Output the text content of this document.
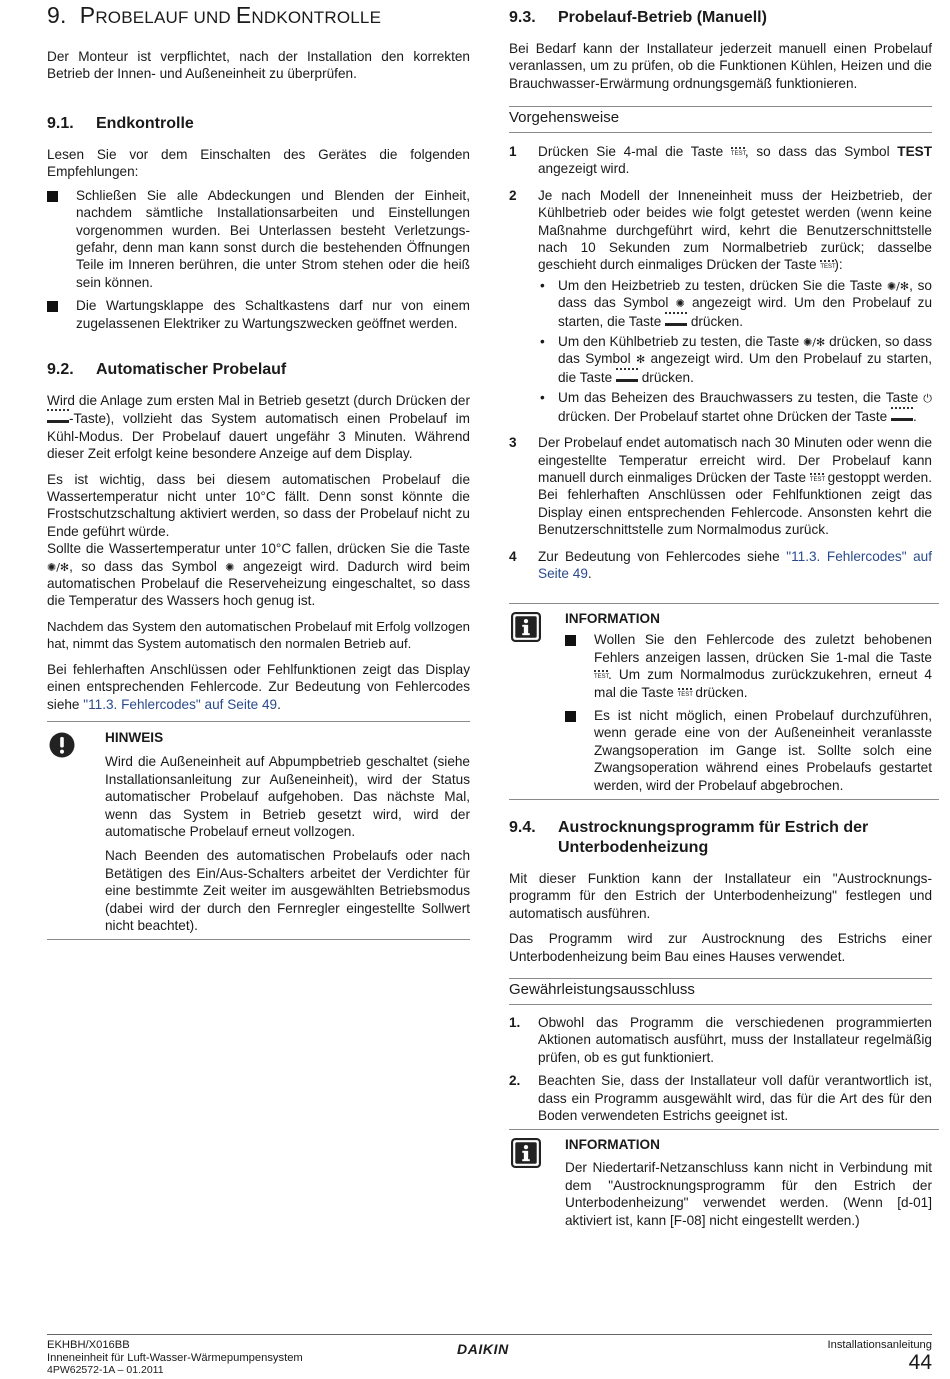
9. PROBELAUF UND ENDKONTROLLE

Der Monteur ist verpflichtet, nach der Installation den korrekten Betrieb der Innen- und Außeneinheit zu überprüfen.

9.1.	Endkontrolle

Lesen Sie vor dem Einschalten des Gerätes die folgenden Empfehlungen:

Schließen Sie alle Abdeckungen und Blenden der Einheit, nachdem sämtliche Installationsarbeiten und Einstellungen vorgenommen wurden. Bei Unterlassen besteht Verletzungs-gefahr, denn man kann sonst durch die bestehenden Öffnungen Teile im Inneren berühren, die unter Strom stehen oder die heiß sein können.
Die Wartungsklappe des Schaltkastens darf nur von einem zugelassenen Elektriker zu Wartungszwecken geöffnet werden.
9.2.	Automatischer Probelauf

Wird die Anlage zum ersten Mal in Betrieb gesetzt (durch Drücken der -Taste), vollzieht das System automatisch einen Probelauf im Kühl-Modus. Der Probelauf dauert ungefähr 3 Minuten. Während dieser Zeit erfolgt keine besondere Anzeige auf dem Display.

Es ist wichtig, dass bei diesem automatischen Probelauf die Wassertemperatur nicht unter 10°C fällt. Denn sonst könnte die Frostschutzschaltung aktiviert werden, so dass der Probelauf nicht zu Ende geführt würde.

Sollte die Wassertemperatur unter 10°C fallen, drücken Sie die Taste ✺/✻, so dass das Symbol ✺ angezeigt wird. Dadurch wird beim automatischen Probelauf die Reserveheizung eingeschaltet, so dass die Temperatur des Wassers hoch genug ist.

Nachdem das System den automatischen Probelauf mit Erfolg vollzogen hat, nimmt das System automatisch den normalen Betrieb auf.

Bei fehlerhaften Anschlüssen oder Fehlfunktionen zeigt das Display einen entsprechenden Fehlercode. Zur Bedeutung von Fehlercodes siehe "11.3. Fehlercodes" auf Seite 49.

HINWEIS

Wird die Außeneinheit auf Abpumpbetrieb geschaltet (siehe Installationsanleitung zur Außeneinheit), wird der Status automatischer Probelauf aufgehoben. Das nächste Mal, wenn das System in Betrieb gesetzt wird, wird der automatische Probelauf erneut vollzogen.

Nach Beenden des automatischen Probelaufs oder nach Betätigen des Ein/Aus-Schalters arbeitet der Verdichter für eine bestimmte Zeit weiter im ausgewählten Betriebsmodus (dabei wird der durch den Fernregler eingestellte Sollwert nicht beachtet).

9.3.	Probelauf-Betrieb (Manuell)

Bei Bedarf kann der Installateur jederzeit manuell einen Probelauf veranlassen, um zu prüfen, ob die Funktionen Kühlen, Heizen und die Brauchwasser-Erwärmung ordnungsgemäß funktionieren.

Vorgehensweise
1 Drücken Sie 4-mal die Taste TEST, so dass das Symbol TEST angezeigt wird.
2 Je nach Modell der Inneneinheit muss der Heizbetrieb, der Kühlbetrieb oder beides wie folgt getestet werden (wenn keine Maßnahme durchgeführt wird, kehrt die Benutzerschnittstelle nach 10 Sekunden zum Normalbetrieb zurück; dasselbe geschieht durch einmaliges Drücken der Taste TEST):
• Um den Heizbetrieb zu testen, drücken Sie die Taste ✺/✻, so dass das Symbol ✺ angezeigt wird. Um den Probelauf zu starten, die Taste  drücken.
• Um den Kühlbetrieb zu testen, die Taste ✺/✻ drücken, so dass das Symbol ✻ angezeigt wird. Um den Probelauf zu starten, die Taste  drücken.
• Um das Beheizen des Brauchwassers zu testen, die Taste ⏻ drücken. Der Probelauf startet ohne Drücken der Taste .
3 Der Probelauf endet automatisch nach 30 Minuten oder wenn die eingestellte Temperatur erreicht wird. Der Probelauf kann manuell durch einmaliges Drücken der Taste TEST gestoppt werden. Bei fehlerhaften Anschlüssen oder Fehlfunktionen zeigt das Display einen entsprechenden Fehlercode. Ansonsten kehrt die Benutzerschnittstelle zum Normalmodus zurück.
4 Zur Bedeutung von Fehlercodes siehe "11.3. Fehlercodes" auf Seite 49.
INFORMATION
Wollen Sie den Fehlercode des zuletzt behobenen Fehlers anzeigen lassen, drücken Sie 1-mal die Taste TEST. Um zum Normalmodus zurückzukehren, erneut 4 mal die Taste TEST drücken.
Es ist nicht möglich, einen Probelauf durchzuführen, wenn gerade eine von der Außeneinheit veranlasste Zwangsoperation im Gange ist. Sollte solch eine Zwangsoperation während eines Probelaufs gestartet werden, wird der Probelauf abgebrochen.
9.4.	Austrocknungsprogramm für Estrich der
Unterbodenheizung

Mit dieser Funktion kann der Installateur ein "Austrocknungs-programm für den Estrich der Unterbodenheizung" festlegen und automatisch ausführen.

Das Programm wird zur Austrocknung des Estrichs einer Unterbodenheizung beim Bau eines Hauses verwendet.

Gewährleistungsausschluss
1. Obwohl das Programm die verschiedenen programmierten Aktionen automatisch ausführt, muss der Installateur regelmäßig prüfen, ob es gut funktioniert.
2. Beachten Sie, dass der Installateur voll dafür verantwortlich ist, dass ein Programm ausgewählt wird, das für die Art des für den Boden verwendeten Estrichs geeignet ist.
INFORMATION

Der Niedertarif-Netzanschluss kann nicht in Verbindung mit dem "Austrocknungsprogramm für den Estrich der Unterbodenheizung" verwendet werden. (Wenn [d-01] aktiviert ist, kann [F-08] nicht eingestellt werden.)

EKHBH/X016BB
Inneneinheit für Luft-Wasser-Wärmepumpensystem
4PW62572-1A – 01.2011
DAIKIN	Installationsanleitung
44
